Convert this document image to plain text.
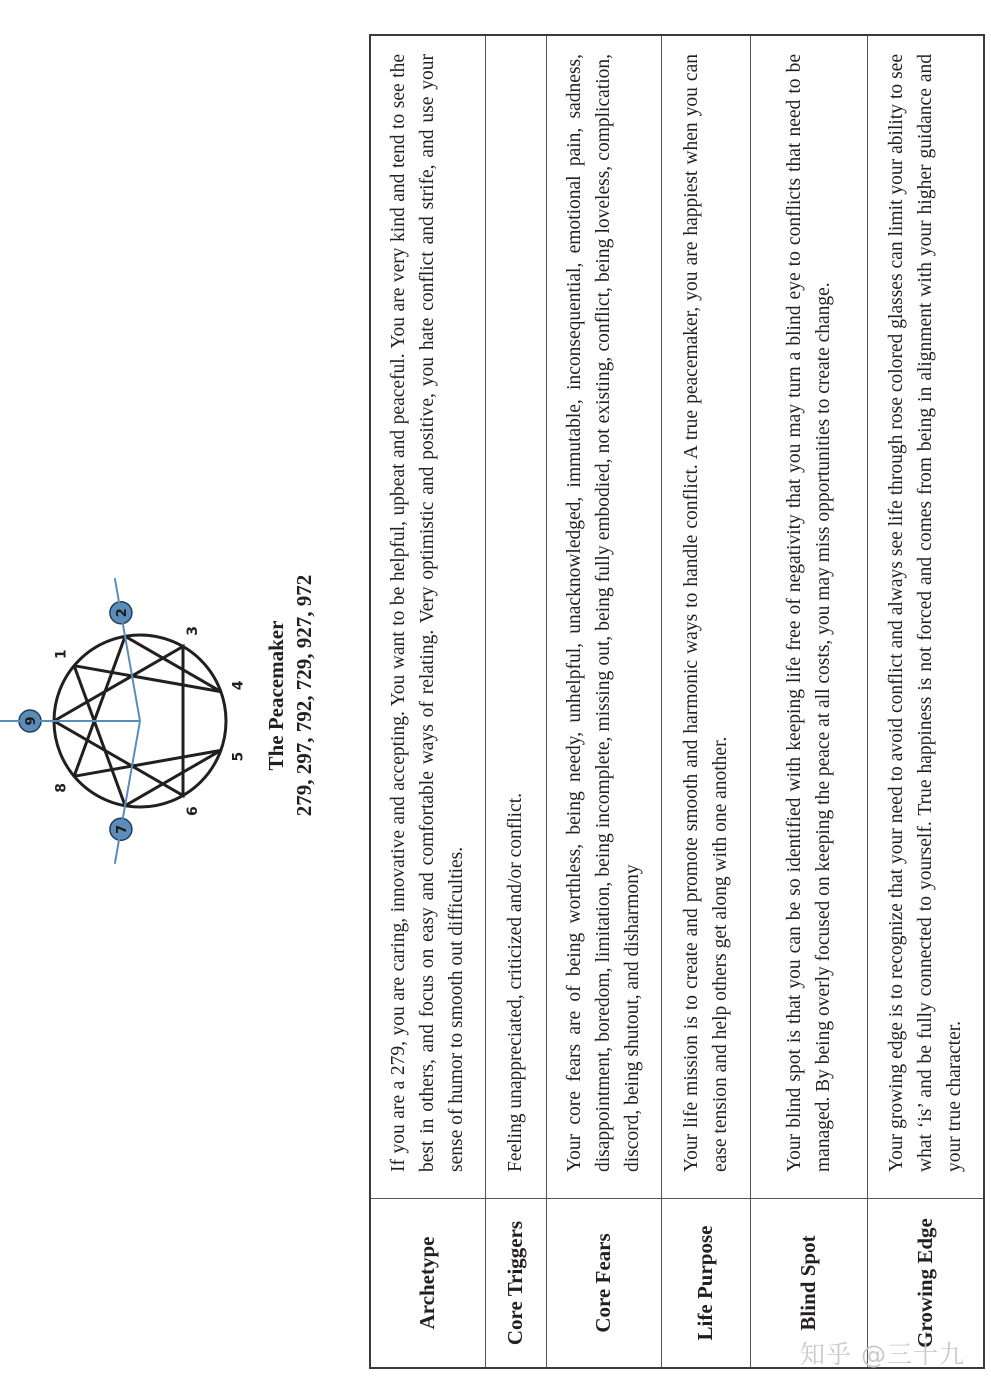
1
2
3
4
5
6
7
8
9	The Peacemaker 279, 297, 792, 729, 927, 972
Archetype	If you are a 279, you are caring, innovative and accepting. You want to be helpful, upbeat and peaceful. You are very kind and tend to see the best in others, and focus on easy and comfortable ways of relating. Very optimistic and positive, you hate conflict and strife, and use your sense of humor to smooth out difficulties.
Core Triggers	Feeling unappreciated, criticized and/or conflict.
Core Fears	Your core fears are of being worthless, being needy, unhelpful, unacknowledged, immutable, inconsequential, emotional pain, sadness, disappointment, boredom, limitation, being incomplete, missing out, being fully embodied, not existing, conflict, being loveless, complication, discord, being shutout, and disharmony
Life Purpose	Your life mission is to create and promote smooth and harmonic ways to handle conflict. A true peacemaker, you are happiest when you can ease tension and help others get along with one another.
Blind Spot	Your blind spot is that you can be so identified with keeping life free of negativity that you may turn a blind eye to conflicts that need to be managed. By being overly focused on keeping the peace at all costs, you may miss opportunities to create change.
Growing Edge	Your growing edge is to recognize that your need to avoid conflict and always see life through rose colored glasses can limit your ability to see what ‘is’ and be fully connected to yourself. True happiness is not forced and comes from being in alignment with your higher guidance and your true character.
知乎 @三十九
